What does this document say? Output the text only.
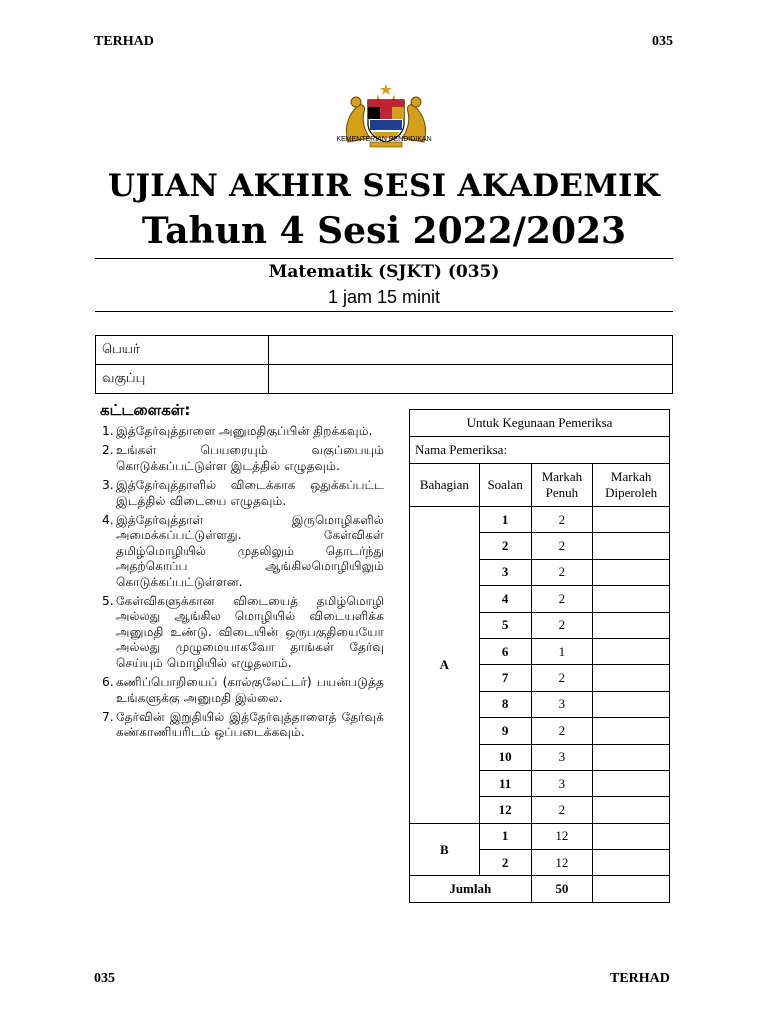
TERHAD	035
035	TERHAD
KEMENTERIAN PENDIDIKAN
UJIAN AKHIR SESI AKADEMIK
Tahun 4 Sesi 2022/2023
Matematik (SJKT) (035)
1 jam 15 minit
பெயர்	
வகுப்பு	
கட்டளைகள்:
1. இத்தேர்வுத்தாளை அனுமதிகுப்பின் திறக்கவும்.
2. உங்கள் பெயரையும் வகுப்பையும் கொடுக்கப்பட்டுள்ள இடத்தில் எழுதவும்.
3. இத்தேர்வுத்தாளில் விடைக்காக ஒதுக்கப்பட்ட இடத்தில் விடையை எழுதவும்.
4. இத்தேர்வுத்தாள் இருமொழிகளில் அமைக்கப்பட்டுள்ளது. கேள்விகள் தமிழ்மொழியில் முதலிலும் தொடர்ந்து அதற்கொப்ப ஆங்கிலமொழியிலும் கொடுக்கப்பட்டுள்ளன.
5. கேள்விகளுக்கான விடையைத் தமிழ்மொழி அல்லது ஆங்கில மொழியில் விடையளிக்க அனுமதி உண்டு. விடையின் ஒருபகுதியையோ அல்லது முழுமையாகவோ தாங்கள் தேர்வு செய்யும் மொழியில் எழுதலாம்.
6. கணிப்பொறியைப் (கால்குலேட்டர்) பயன்படுத்த உங்களுக்கு அனுமதி இல்லை.
7. தேர்வின் இறுதியில் இத்தேர்வுத்தாளைத் தேர்வுக் கண்காணியரிடம் ஒப்படைக்கவும்.
Untuk Kegunaan Pemeriksa			
Nama Pemeriksa:			
Bahagian	Soalan	Markah Penuh	Markah Diperoleh
A	1	2	
	2	2	
	3	2	
	4	2	
	5	2	
	6	1	
	7	2	
	8	3	
	9	2	
	10	3	
	11	3	
	12	2	
B	1	12	
	2	12	
Jumlah		50	
